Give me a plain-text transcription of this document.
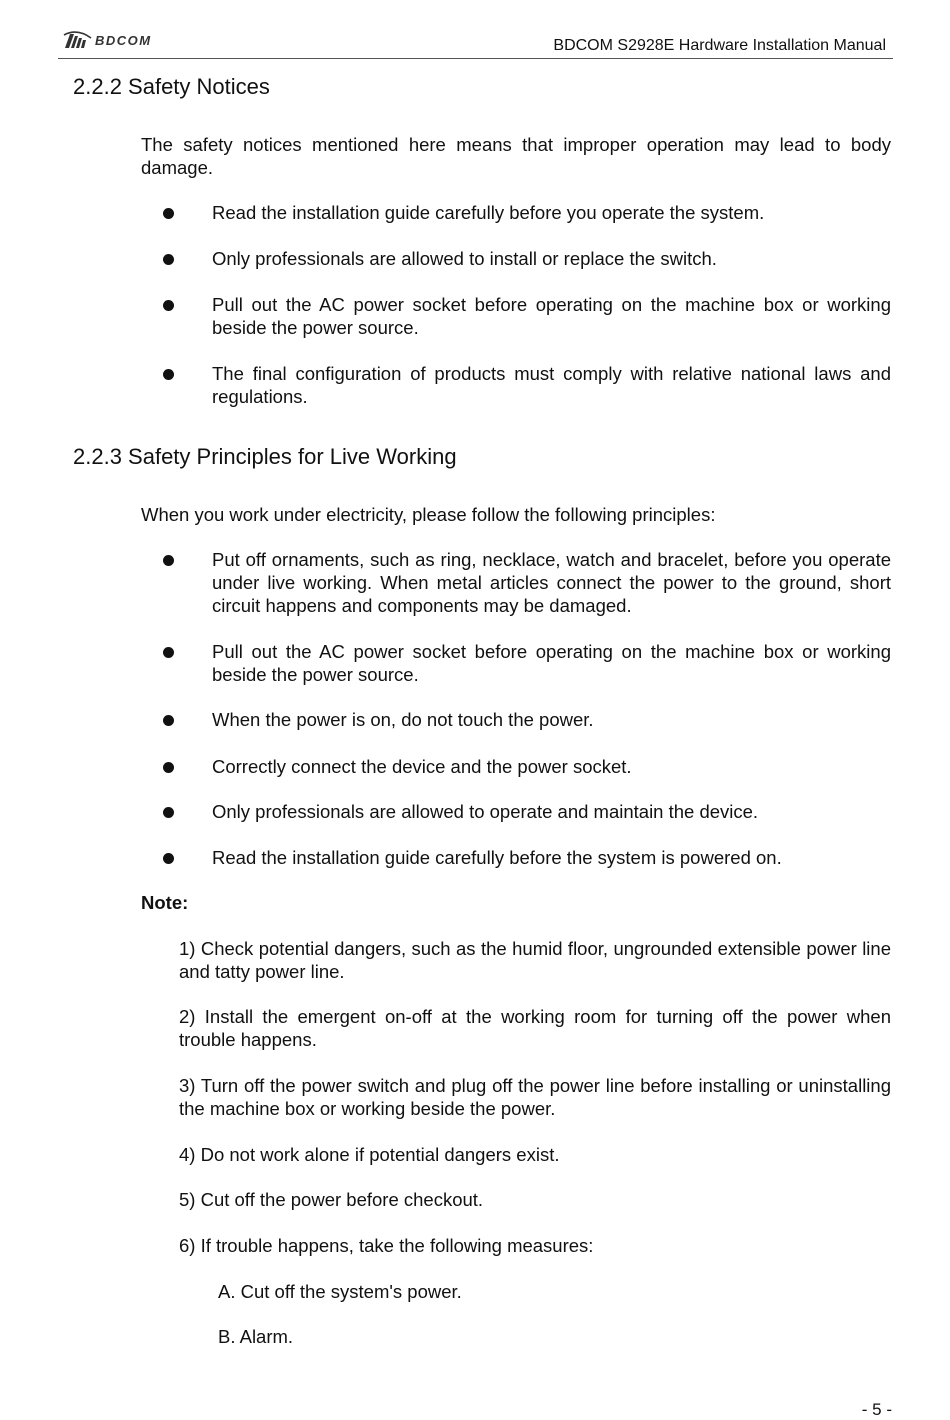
BDCOM	BDCOM S2928E Hardware Installation Manual
2.2.2 Safety Notices

The safety notices mentioned here means that improper operation may lead to body damage.

Read the installation guide carefully before you operate the system.

Only professionals are allowed to install or replace the switch.

Pull out the AC power socket before operating on the machine box or working beside the power source.

The final configuration of products must comply with relative national laws and regulations.

2.2.3 Safety Principles for Live Working

When you work under electricity, please follow the following principles:

Put off ornaments, such as ring, necklace, watch and bracelet, before you operate under live working. When metal articles connect the power to the ground, short circuit happens and components may be damaged.

Pull out the AC power socket before operating on the machine box or working beside the power source.

When the power is on, do not touch the power.

Correctly connect the device and the power socket.

Only professionals are allowed to operate and maintain the device.

Read the installation guide carefully before the system is powered on.

Note:

1) Check potential dangers, such as the humid floor, ungrounded extensible power line and tatty power line.

2) Install the emergent on-off at the working room for turning off the power when trouble happens.

3) Turn off the power switch and plug off the power line before installing or uninstalling the machine box or working beside the power.

4) Do not work alone if potential dangers exist.

5) Cut off the power before checkout.

6) If trouble happens, take the following measures:

A. Cut off the system's power.

B. Alarm.

- 5 -
